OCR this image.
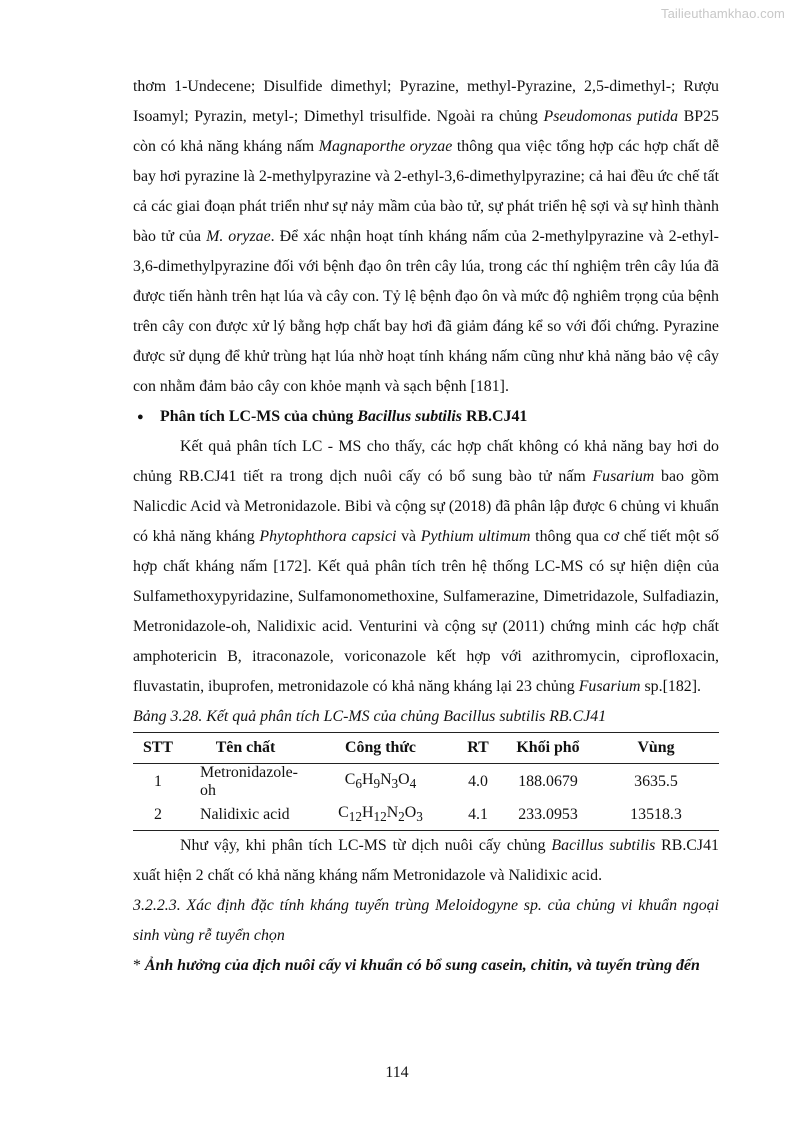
Tailieuthamkhao.com

thơm 1-Undecene; Disulfide dimethyl; Pyrazine, methyl-Pyrazine, 2,5-dimethyl-; Rượu Isoamyl; Pyrazin, metyl-; Dimethyl trisulfide. Ngoài ra chủng Pseudomonas putida BP25 còn có khả năng kháng nấm Magnaporthe oryzae thông qua việc tổng hợp các hợp chất dễ bay hơi pyrazine là 2-methylpyrazine và 2-ethyl-3,6-dimethylpyrazine; cả hai đều ức chế tất cả các giai đoạn phát triển như sự nảy mầm của bào tử, sự phát triển hệ sợi và sự hình thành bào tử của M. oryzae. Để xác nhận hoạt tính kháng nấm của 2-methylpyrazine và 2-ethyl-3,6-dimethylpyrazine đối với bệnh đạo ôn trên cây lúa, trong các thí nghiệm trên cây lúa đã được tiến hành trên hạt lúa và cây con. Tỷ lệ bệnh đạo ôn và mức độ nghiêm trọng của bệnh trên cây con được xử lý bằng hợp chất bay hơi đã giảm đáng kể so với đối chứng. Pyrazine được sử dụng để khử trùng hạt lúa nhờ hoạt tính kháng nấm cũng như khả năng bảo vệ cây con nhằm đảm bảo cây con khỏe mạnh và sạch bệnh [181].

● Phân tích LC-MS của chủng Bacillus subtilis RB.CJ41

Kết quả phân tích LC - MS cho thấy, các hợp chất không có khả năng bay hơi do chủng RB.CJ41 tiết ra trong dịch nuôi cấy có bổ sung bào tử nấm Fusarium bao gồm Nalicdic Acid và Metronidazole. Bibi và cộng sự (2018) đã phân lập được 6 chủng vi khuẩn có khả năng kháng Phytophthora capsici và Pythium ultimum thông qua cơ chế tiết một số hợp chất kháng nấm [172]. Kết quả phân tích trên hệ thống LC-MS có sự hiện diện của Sulfamethoxypyridazine, Sulfamonomethoxine, Sulfamerazine, Dimetridazole, Sulfadiazin, Metronidazole-oh, Nalidixic acid. Venturini và cộng sự (2011) chứng minh các hợp chất amphotericin B, itraconazole, voriconazole kết hợp với azithromycin, ciprofloxacin, fluvastatin, ibuprofen, metronidazole có khả năng kháng lại 23 chủng Fusarium sp.[182].

Bảng 3.28. Kết quả phân tích LC-MS của chủng Bacillus subtilis RB.CJ41

STT	Tên chất	Công thức	RT	Khối phổ	Vùng
1	Metronidazole-oh	$C_6H_9N_3O_4$	4.0	188.0679	3635.5
2	Nalidixic acid	$C_{12}H_{12}N_2O_3$	4.1	233.0953	13518.3

Như vậy, khi phân tích LC-MS từ dịch nuôi cấy chủng Bacillus subtilis RB.CJ41 xuất hiện 2 chất có khả năng kháng nấm Metronidazole và Nalidixic acid.

3.2.2.3. Xác định đặc tính kháng tuyến trùng Meloidogyne sp. của chủng vi khuẩn ngoại sinh vùng rễ tuyển chọn

* Ảnh hưởng của dịch nuôi cấy vi khuẩn có bổ sung casein, chitin, và tuyến trùng đến

114
